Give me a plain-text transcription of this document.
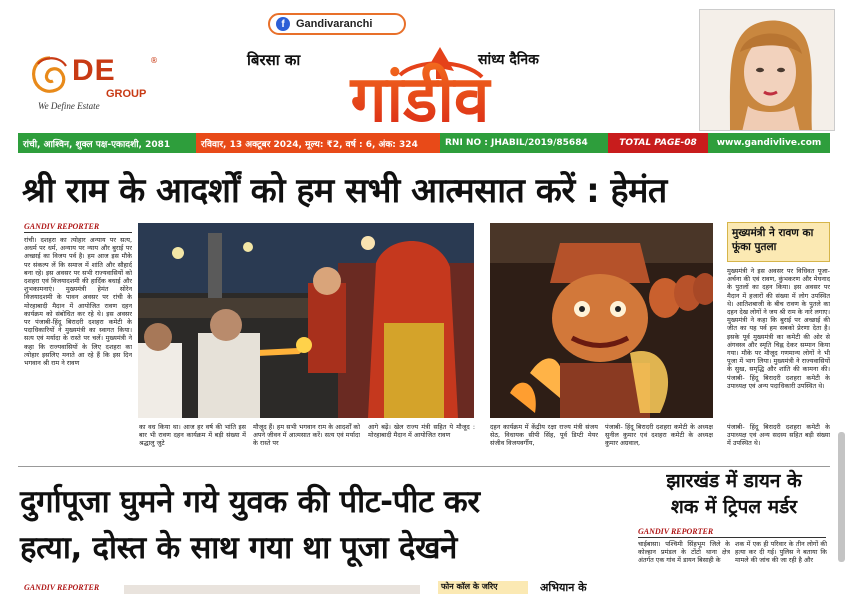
f	Gandivaranchi
DE	®
GROUP
We Define Estate
बिरसा का	सांध्य दैनिक
गांडीव
रांची, आश्विन, शुक्ल पक्ष-एकादशी, 2081	रविवार, 13 अक्टूबर 2024, मूल्य: ₹2, वर्ष : 6, अंक: 324	RNI NO : JHABIL/2019/85684	TOTAL PAGE-08	www.gandivlive.com
श्री राम के आदर्शों को हम सभी आत्मसात करें : हेमंत
GANDIV REPORTER
रांची। दशहरा का त्योहार अन्याय पर सत्य, अधर्म पर धर्म, अन्याय पर न्याय और बुराई पर अच्छाई का विजय पर्व है। हम आज इस मौके पर संकल्प लें कि समाज में शांति और सौहार्द बना रहे। इस अवसर पर सभी राज्यवासियों को दशहरा एवं विजयादशमी की हार्दिक बधाई और शुभकामनाएं। मुख्यमंत्री हेमंत सोरेन विजयादशमी के पावन अवसर पर रांची के मोरहाबादी मैदान में आयोजित रावण दहन कार्यक्रम को संबोधित कर रहे थे। इस अवसर पर पंजाबी-हिंदू बिरादरी दशहरा कमेटी के पदाधिकारियों ने मुख्यमंत्री का स्वागत किया। सत्य एवं मर्यादा के रास्ते पर चलें। मुख्यमंत्री ने कहा कि राज्यवासियों के लिए दशहरा का त्योहार इसलिए मनाते आ रहे हैं कि इस दिन भगवान श्री राम ने रावण
का वध किया था। आज हर वर्ष की भांति इस बार भी रावण दहन कार्यक्रम में बड़ी संख्या में श्रद्धालु जुटे
मौजूद हैं। हम सभी भगवान राम के आदर्शों को अपने जीवन में आत्मसात करें। सत्य एवं मर्यादा के रास्ते पर
आगे बढ़ें। खेल राज्य मंत्री सहित ये मौजूद : मोरहाबादी मैदान में आयोजित रावण
दहन कार्यक्रम में केंद्रीय रक्षा राज्य मंत्री संजय सेठ, विधायक सीपी सिंह, पूर्व डिप्टी मेयर संजीव विजयवर्गीय,
पंजाबी- हिंदू बिरादरी दशहरा कमेटी के अध्यक्ष सुनील कुमार एवं दशहरा कमेटी के अध्यक्ष कुमार अग्रवाल,
मुख्यमंत्री ने रावण का फूंका पुतला
मुख्यमंत्री ने इस अवसर पर विधिवत पूजा-अर्चना की एवं रावण, कुंभकरण और मेघनाद के पुतलों का दहन किया। इस अवसर पर मैदान में हजारों की संख्या में लोग उपस्थित थे। आतिशबाजी के बीच रावण के पुतले का दहन देख लोगों ने जय श्री राम के नारे लगाए। मुख्यमंत्री ने कहा कि बुराई पर अच्छाई की जीत का यह पर्व हम सबको प्रेरणा देता है। इसके पूर्व मुख्यमंत्री का कमेटी की ओर से अंगवस्त्र और स्मृति चिह्न देकर सम्मान किया गया। मौके पर मौजूद गणमान्य लोगों ने भी पूजा में भाग लिया। मुख्यमंत्री ने राज्यवासियों के सुख, समृद्धि और शांति की कामना की। पंजाबी- हिंदू बिरादरी दशहरा कमेटी के उपाध्यक्ष एवं अन्य पदाधिकारी उपस्थित थे।
पंजाबी- हिंदू बिरादरी दशहरा कमेटी के उपाध्यक्ष एवं अन्य सदस्य सहित बड़ी संख्या में उपस्थित थे।
दुर्गापूजा घुमने गये युवक की पीट-पीट कर
हत्या, दोस्त के साथ गया था पूजा देखने
GANDIV REPORTER
झारखंड में डायन के
शक में ट्रिपल मर्डर
GANDIV REPORTER
चाईबासा। पश्चिमी सिंहभूम जिले के कोल्हान प्रमंडल के टोंटो थाना क्षेत्र अंतर्गत एक गांव में डायन बिसाही के
शक में एक ही परिवार के तीन लोगों की हत्या कर दी गई। पुलिस ने बताया कि मामले की जांच की जा रही है और
फोन कॉल के जरिए	अभियान के
